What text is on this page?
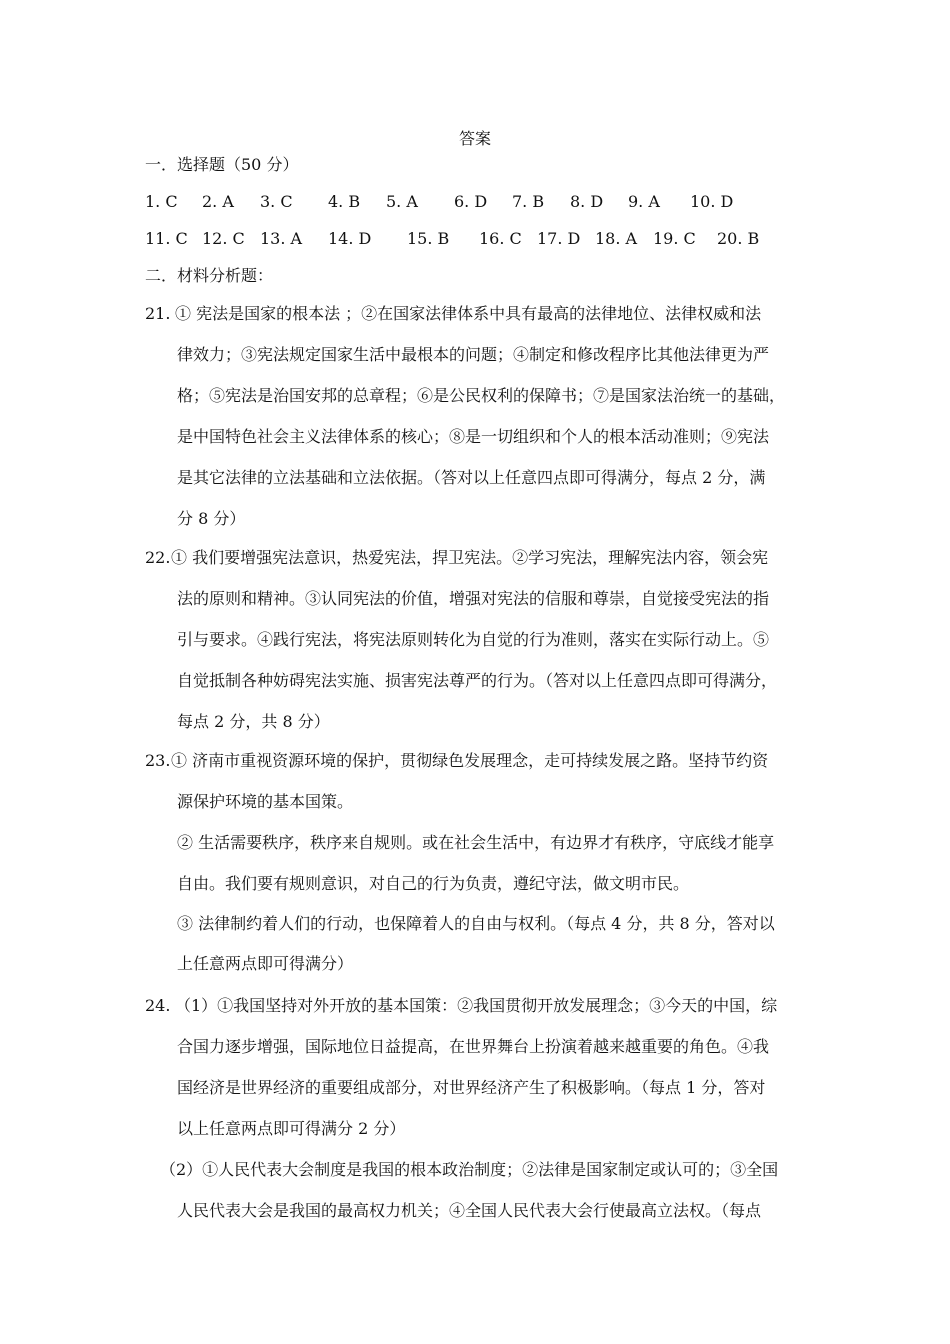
答案
一．选择题（50 分）
1. C 2. A 3. C 4. B 5. A 6. D 7. B 8. D 9. A 10. D
11. C 12. C 13. A 14. D 15. B 16. C 17. D 18. A 19. C 20. B
二．材料分析题：
21. ① 宪法是国家的根本法 ；②在国家法律体系中具有最高的法律地位、法律权威和法
律效力；③宪法规定国家生活中最根本的问题；④制定和修改程序比其他法律更为严
格；⑤宪法是治国安邦的总章程；⑥是公民权利的保障书；⑦是国家法治统一的基础，
是中国特色社会主义法律体系的核心；⑧是一切组织和个人的根本活动准则；⑨宪法
是其它法律的立法基础和立法依据。（答对以上任意四点即可得满分，每点 2 分，满
分 8 分）
22. ① 我们要增强宪法意识，热爱宪法，捍卫宪法。②学习宪法，理解宪法内容，领会宪
法的原则和精神。③认同宪法的价值，增强对宪法的信服和尊崇，自觉接受宪法的指
引与要求。④践行宪法，将宪法原则转化为自觉的行为准则，落实在实际行动上。⑤
自觉抵制各种妨碍宪法实施、损害宪法尊严的行为。（答对以上任意四点即可得满分，
每点 2 分，共 8 分）
23. ① 济南市重视资源环境的保护，贯彻绿色发展理念，走可持续发展之路。坚持节约资
源保护环境的基本国策。
② 生活需要秩序，秩序来自规则。或在社会生活中，有边界才有秩序，守底线才能享
自由。我们要有规则意识，对自己的行为负责，遵纪守法，做文明市民。
③ 法律制约着人们的行动，也保障着人的自由与权利。（每点 4 分，共 8 分，答对以
上任意两点即可得满分）
24. （1）①我国坚持对外开放的基本国策：②我国贯彻开放发展理念；③今天的中国，综
合国力逐步增强，国际地位日益提高，在世界舞台上扮演着越来越重要的角色。④我
国经济是世界经济的重要组成部分，对世界经济产生了积极影响。（每点 1 分，答对
以上任意两点即可得满分 2 分）
（2）①人民代表大会制度是我国的根本政治制度；②法律是国家制定或认可的；③全国
人民代表大会是我国的最高权力机关；④全国人民代表大会行使最高立法权。（每点
